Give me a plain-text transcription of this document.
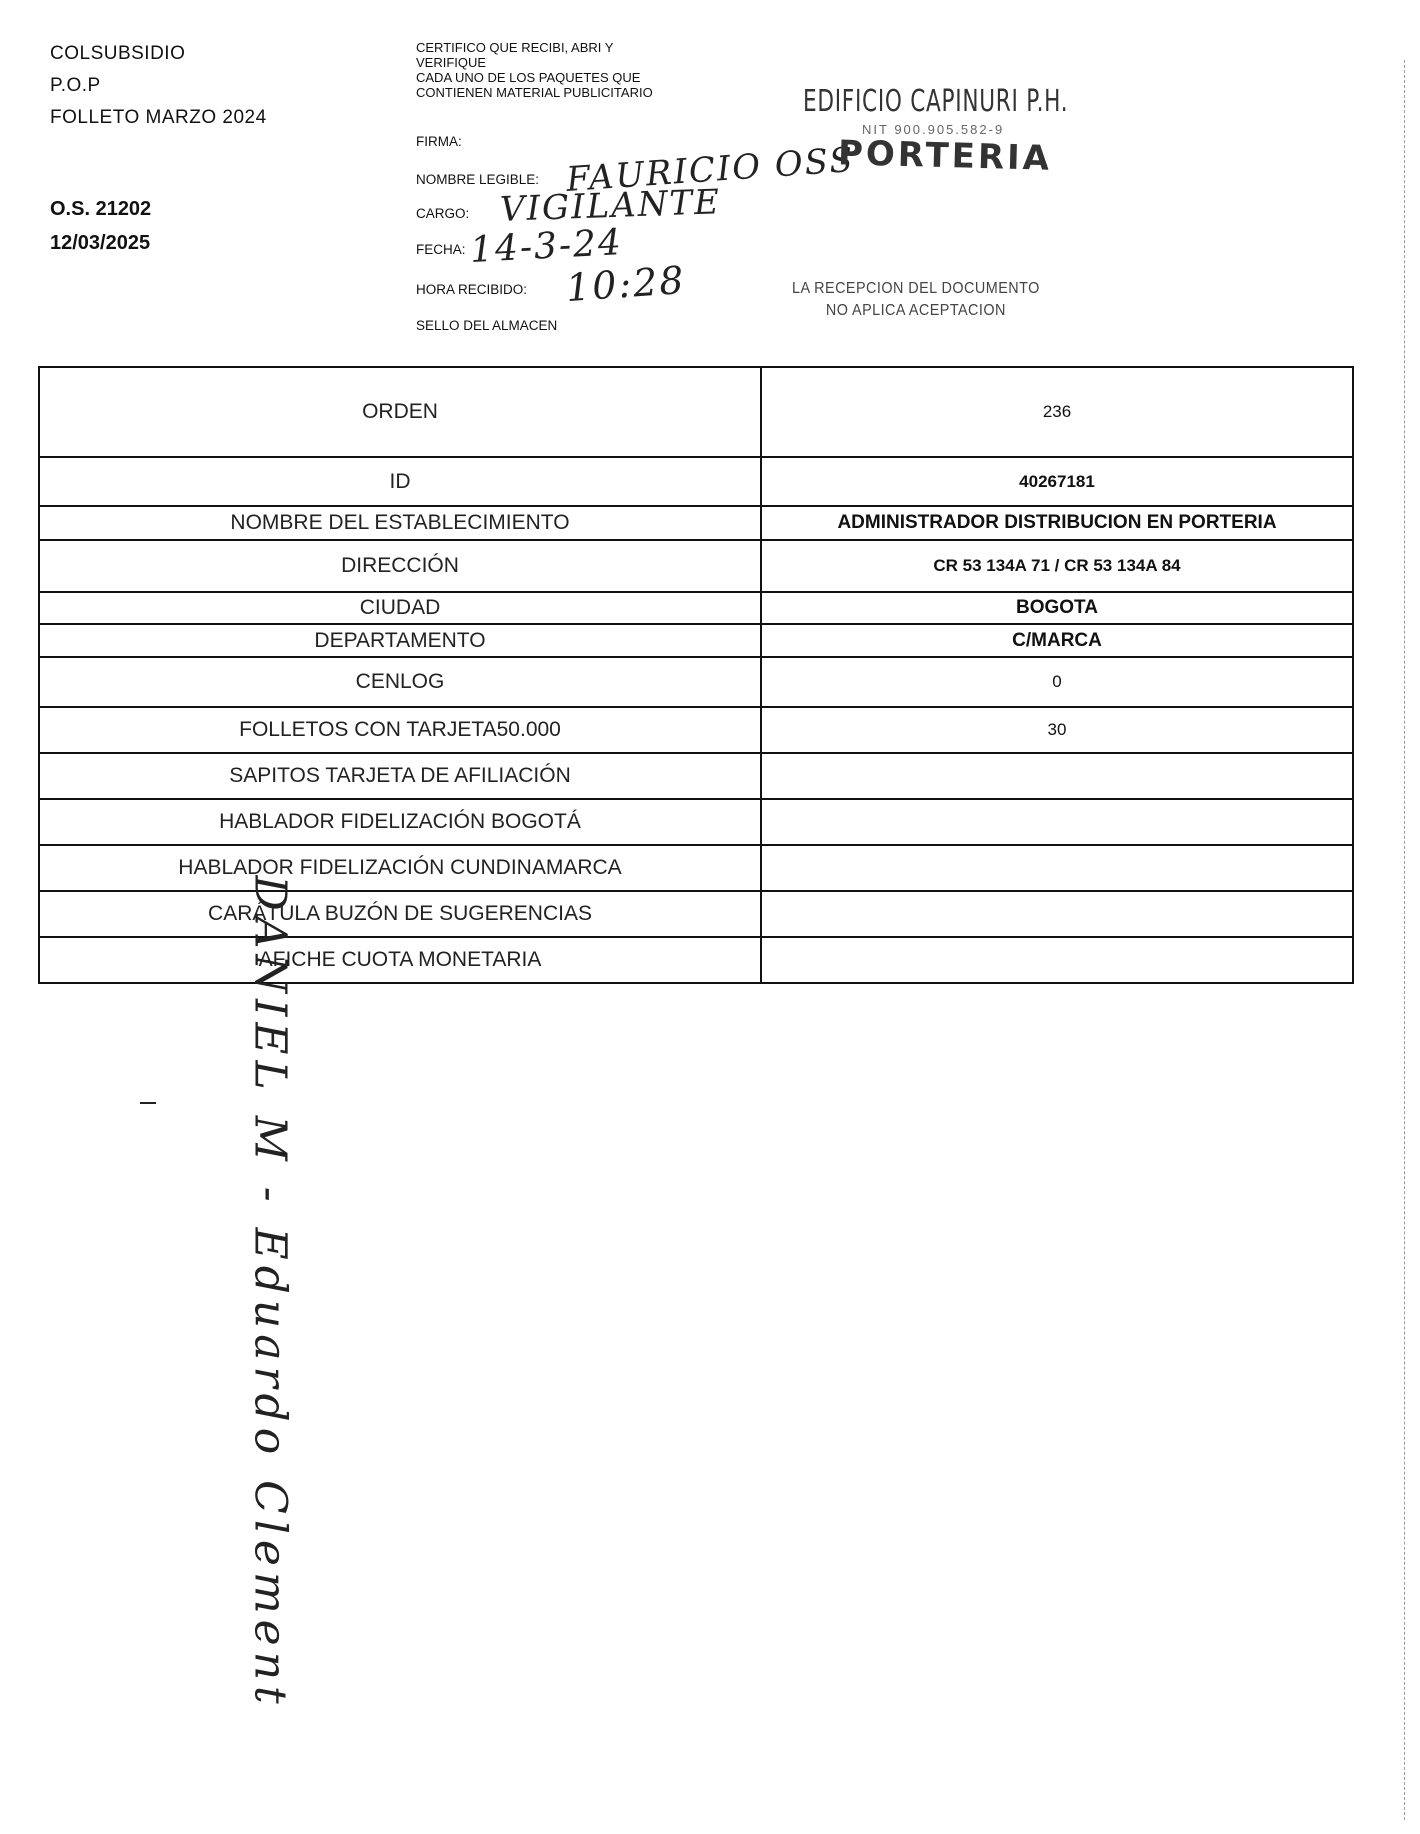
COLSUBSIDIO
P.O.P
FOLLETO MARZO 2024
O.S. 21202
12/03/2025
CERTIFICO QUE RECIBI, ABRI Y
VERIFIQUE
CADA UNO DE LOS PAQUETES QUE
CONTIENEN MATERIAL PUBLICITARIO
FIRMA:
NOMBRE LEGIBLE: FAURICIO OSS
CARGO: VIGILANTE
FECHA: 14-3-24
HORA RECIBIDO: 10:28
SELLO DEL ALMACEN
EDIFICIO CAPINURI P.H.
NIT 900.905.582-9
PORTERIA
LA RECEPCION DEL DOCUMENTO
NO APLICA ACEPTACION
ORDEN	236
ID	40267181
NOMBRE DEL ESTABLECIMIENTO	ADMINISTRADOR DISTRIBUCION EN PORTERIA
DIRECCIÓN	CR 53 134A 71 / CR 53 134A 84
CIUDAD	BOGOTA
DEPARTAMENTO	C/MARCA
CENLOG	0
FOLLETOS CON TARJETA50.000	30
SAPITOS TARJETA DE AFILIACIÓN	
HABLADOR FIDELIZACIÓN BOGOTÁ	
HABLADOR FIDELIZACIÓN CUNDINAMARCA	
CARÁTULA BUZÓN DE SUGERENCIAS	
AFICHE CUOTA MONETARIA	
DANIEL M - Eduardo Clement
